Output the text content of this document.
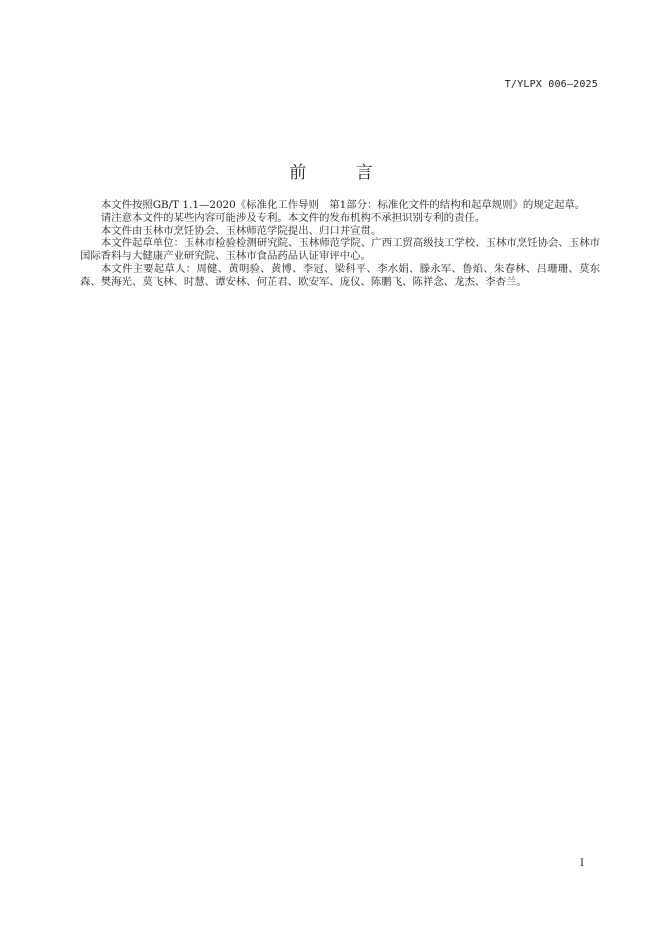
T/YLPX 006—2025
前 言

本文件按照GB/T 1.1—2020《标准化工作导则　第1部分：标准化文件的结构和起草规则》的规定起草。

请注意本文件的某些内容可能涉及专利。本文件的发布机构不承担识别专利的责任。

本文件由玉林市烹饪协会、玉林师范学院提出、归口并宣贯。

本文件起草单位：玉林市检验检测研究院、玉林师范学院、广西工贸高级技工学校、玉林市烹饪协会、玉林市国际香料与大健康产业研究院、玉林市食品药品认证审评中心。

本文件主要起草人：周健、黄明验、黄博、李冠、梁科平、李水娟、滕永军、鲁焰、朱春林、吕珊珊、莫东森、樊海光、莫飞林、时慧、谭安林、何芷君、欧安军、庞仪、陈鹏飞、陈祥念、龙杰、李杏兰。

I
